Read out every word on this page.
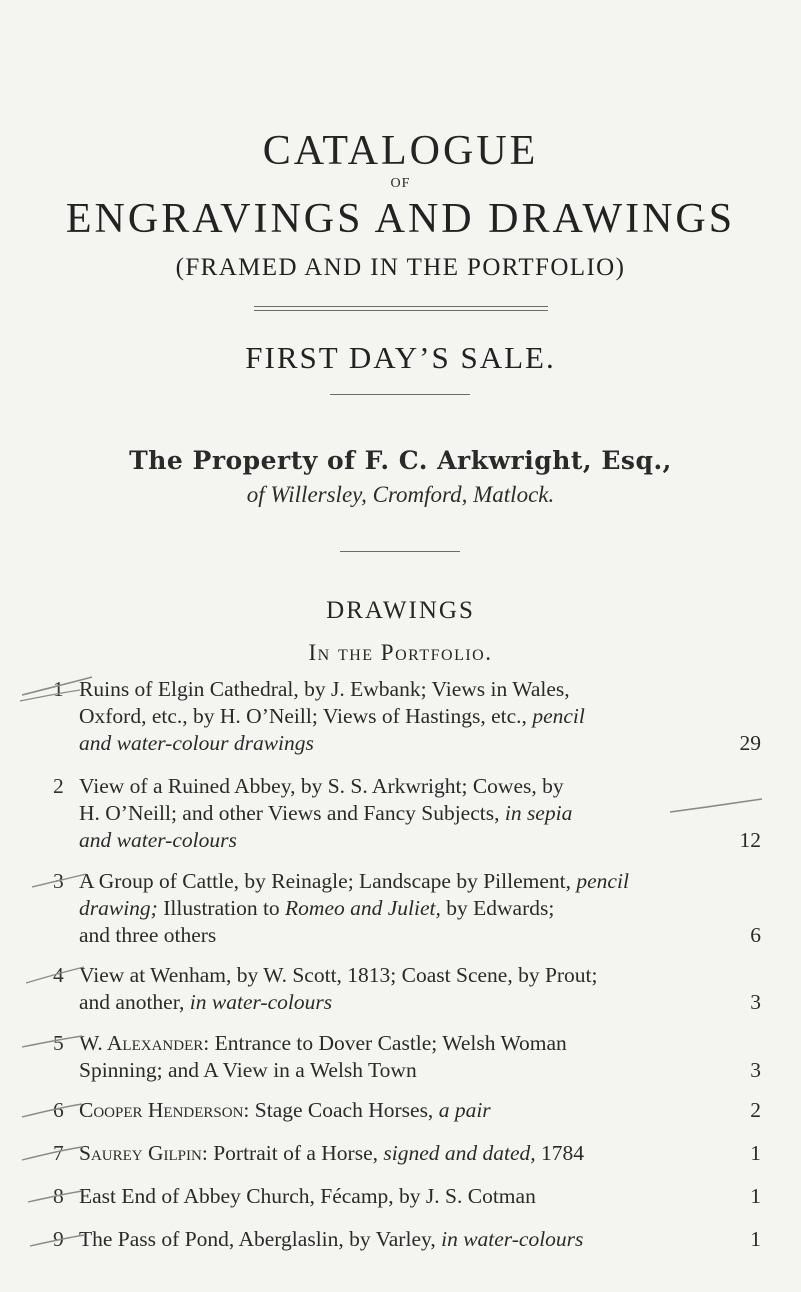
CATALOGUE
OF
ENGRAVINGS AND DRAWINGS
(FRAMED AND IN THE PORTFOLIO)
FIRST DAY’S SALE.
The Property of F. C. Arkwright, Esq.,
of Willersley, Cromford, Matlock.
DRAWINGS
In the Portfolio.
1 Ruins of Elgin Cathedral, by J. Ewbank; Views in Wales,
Oxford, etc., by H. O’Neill; Views of Hastings, etc., pencil
and water-colour drawings	29
2 View of a Ruined Abbey, by S. S. Arkwright; Cowes, by
H. O’Neill; and other Views and Fancy Subjects, in sepia
and water-colours	12
3 A Group of Cattle, by Reinagle; Landscape by Pillement, pencil
drawing; Illustration to Romeo and Juliet, by Edwards;
and three others	6
4 View at Wenham, by W. Scott, 1813; Coast Scene, by Prout;
and another, in water-colours	3
5 W. Alexander: Entrance to Dover Castle; Welsh Woman
Spinning; and A View in a Welsh Town	3
6 Cooper Henderson: Stage Coach Horses, a pair	2
7 Saurey Gilpin: Portrait of a Horse, signed and dated, 1784	1
8 East End of Abbey Church, Fécamp, by J. S. Cotman	1
9 The Pass of Pond, Aberglaslin, by Varley, in water-colours	1
